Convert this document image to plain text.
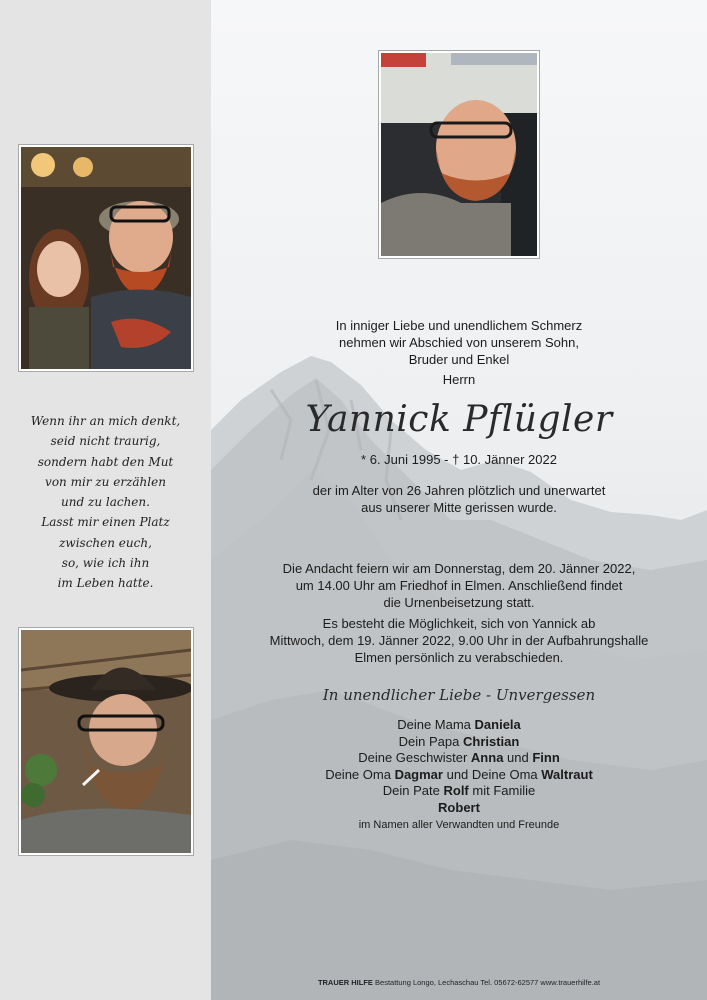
Wenn ihr an mich denkt,
seid nicht traurig,
sondern habt den Mut
von mir zu erzählen
und zu lachen.
Lasst mir einen Platz
zwischen euch,
so, wie ich ihn
im Leben hatte.
In inniger Liebe und unendlichem Schmerz
nehmen wir Abschied von unserem Sohn,
Bruder und Enkel
Herrn
Yannick Pflügler
* 6. Juni 1995 - † 10. Jänner 2022
der im Alter von 26 Jahren plötzlich und unerwartet
aus unserer Mitte gerissen wurde.
Die Andacht feiern wir am Donnerstag, dem 20. Jänner 2022,
um 14.00 Uhr am Friedhof in Elmen. Anschließend findet
die Urnenbeisetzung statt.
Es besteht die Möglichkeit, sich von Yannick ab
Mittwoch, dem 19. Jänner 2022, 9.00 Uhr in der Aufbahrungshalle
Elmen persönlich zu verabschieden.
In unendlicher Liebe - Unvergessen
Deine Mama Daniela
Dein Papa Christian
Deine Geschwister Anna und Finn
Deine Oma Dagmar und Deine Oma Waltraut
Dein Pate Rolf mit Familie
Robert
im Namen aller Verwandten und Freunde
TRAUER HILFE Bestattung Longo, Lechaschau Tel. 05672-62577 www.trauerhilfe.at
